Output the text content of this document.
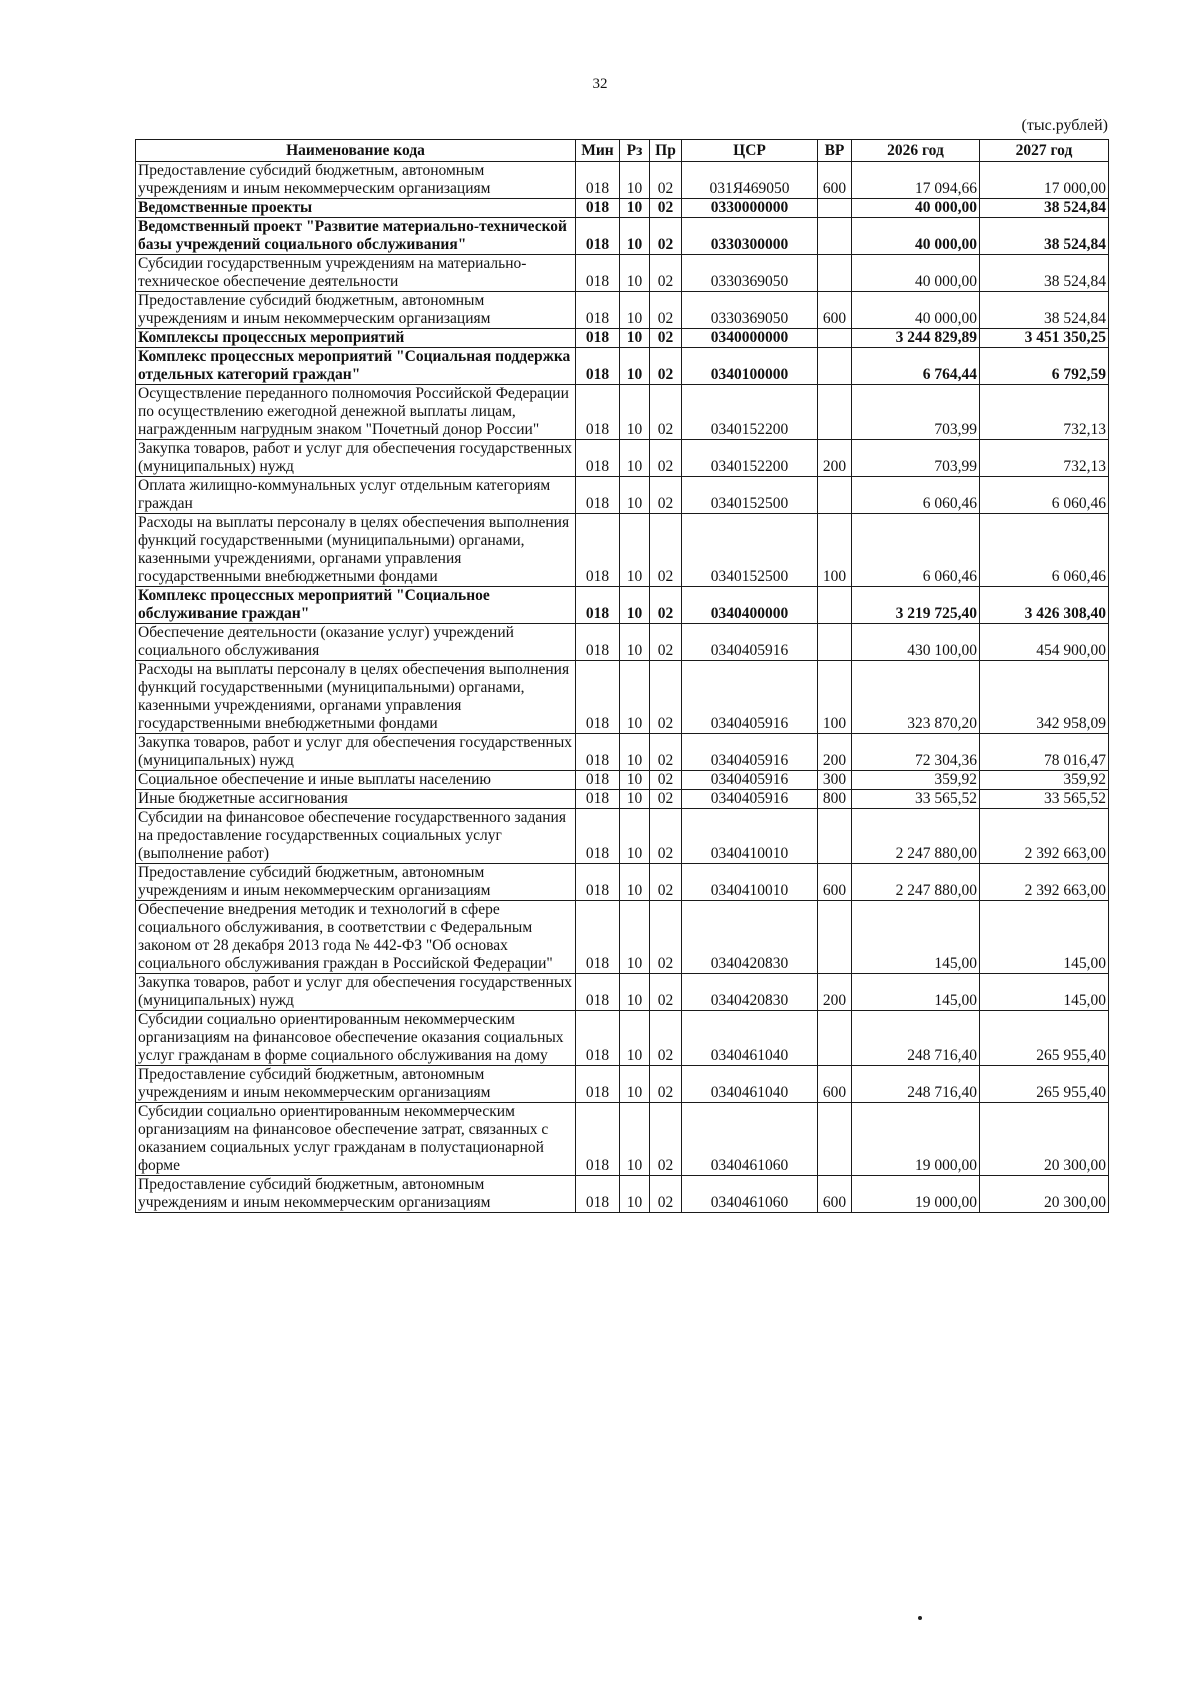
32
(тыс.рублей)
Наименование кода	Мин	Рз	Пр	ЦСР	ВР	2026 год	2027 год
Предоставление субсидий бюджетным, автономным учреждениям и иным некоммерческим организациям	018	10	02	031Я469050	600	17 094,66	17 000,00
Ведомственные проекты	018	10	02	0330000000		40 000,00	38 524,84
Ведомственный проект "Развитие материально-технической базы учреждений социального обслуживания"	018	10	02	0330300000		40 000,00	38 524,84
Субсидии государственным учреждениям на материально-техническое обеспечение деятельности	018	10	02	0330369050		40 000,00	38 524,84
Предоставление субсидий бюджетным, автономным учреждениям и иным некоммерческим организациям	018	10	02	0330369050	600	40 000,00	38 524,84
Комплексы процессных мероприятий	018	10	02	0340000000		3 244 829,89	3 451 350,25
Комплекс процессных мероприятий "Социальная поддержка отдельных категорий граждан"	018	10	02	0340100000		6 764,44	6 792,59
Осуществление переданного полномочия Российской Федерации по осуществлению ежегодной денежной выплаты лицам, награжденным нагрудным знаком "Почетный донор России"	018	10	02	0340152200		703,99	732,13
Закупка товаров, работ и услуг для обеспечения государственных (муниципальных) нужд	018	10	02	0340152200	200	703,99	732,13
Оплата жилищно-коммунальных услуг отдельным категориям граждан	018	10	02	0340152500		6 060,46	6 060,46
Расходы на выплаты персоналу в целях обеспечения выполнения функций государственными (муниципальными) органами, казенными учреждениями, органами управления государственными внебюджетными фондами	018	10	02	0340152500	100	6 060,46	6 060,46
Комплекс процессных мероприятий "Социальное обслуживание граждан"	018	10	02	0340400000		3 219 725,40	3 426 308,40
Обеспечение деятельности (оказание услуг) учреждений социального обслуживания	018	10	02	0340405916		430 100,00	454 900,00
Расходы на выплаты персоналу в целях обеспечения выполнения функций государственными (муниципальными) органами, казенными учреждениями, органами управления государственными внебюджетными фондами	018	10	02	0340405916	100	323 870,20	342 958,09
Закупка товаров, работ и услуг для обеспечения государственных (муниципальных) нужд	018	10	02	0340405916	200	72 304,36	78 016,47
Социальное обеспечение и иные выплаты населению	018	10	02	0340405916	300	359,92	359,92
Иные бюджетные ассигнования	018	10	02	0340405916	800	33 565,52	33 565,52
Субсидии на финансовое обеспечение государственного задания на предоставление государственных социальных услуг (выполнение работ)	018	10	02	0340410010		2 247 880,00	2 392 663,00
Предоставление субсидий бюджетным, автономным учреждениям и иным некоммерческим организациям	018	10	02	0340410010	600	2 247 880,00	2 392 663,00
Обеспечение внедрения методик и технологий в сфере социального обслуживания, в соответствии с Федеральным законом от 28 декабря 2013 года № 442-ФЗ "Об основах социального обслуживания граждан в Российской Федерации"	018	10	02	0340420830		145,00	145,00
Закупка товаров, работ и услуг для обеспечения государственных (муниципальных) нужд	018	10	02	0340420830	200	145,00	145,00
Субсидии социально ориентированным некоммерческим организациям на финансовое обеспечение оказания социальных услуг гражданам в форме социального обслуживания на дому	018	10	02	0340461040		248 716,40	265 955,40
Предоставление субсидий бюджетным, автономным учреждениям и иным некоммерческим организациям	018	10	02	0340461040	600	248 716,40	265 955,40
Субсидии социально ориентированным некоммерческим организациям на финансовое обеспечение затрат, связанных с оказанием социальных услуг гражданам в полустационарной форме	018	10	02	0340461060		19 000,00	20 300,00
Предоставление субсидий бюджетным, автономным учреждениям и иным некоммерческим организациям	018	10	02	0340461060	600	19 000,00	20 300,00
